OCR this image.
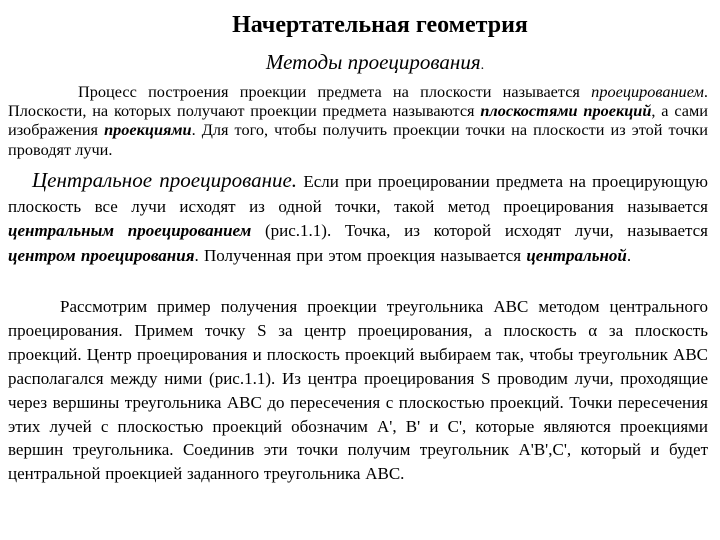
Начертательная геометрия
Методы проецирования.

Процесс построения проекции предмета на плоскости называется проецированием. Плоскости, на которых получают проекции предмета называются плоскостями проекций, а сами изображения проекциями. Для того, чтобы получить проекции точки на плоскости из этой точки проводят лучи.

Центральное проецирование. Если при проецировании предмета на проецирующую плоскость все лучи исходят из одной точки, такой метод проецирования называется центральным проецированием (рис.1.1). Точка, из которой исходят лучи, называется центром проецирования. Полученная при этом проекция называется центральной.

Рассмотрим пример получения проекции треугольника АВС методом центрального проецирования. Примем точку S за центр проецирования, а плоскость α за плоскость проекций. Центр проецирования и плоскость проекций выбираем так, чтобы треугольник АВС располагался между ними (рис.1.1). Из центра проецирования S проводим лучи, проходящие через вершины треугольника АВС до пересечения с плоскостью проекций. Точки пересечения этих лучей с плоскостью проекций обозначим А', В' и С', которые являются проекциями вершин треугольника. Соединив эти точки получим треугольник А'В',С', который и будет центральной проекцией заданного треугольника АВС.
